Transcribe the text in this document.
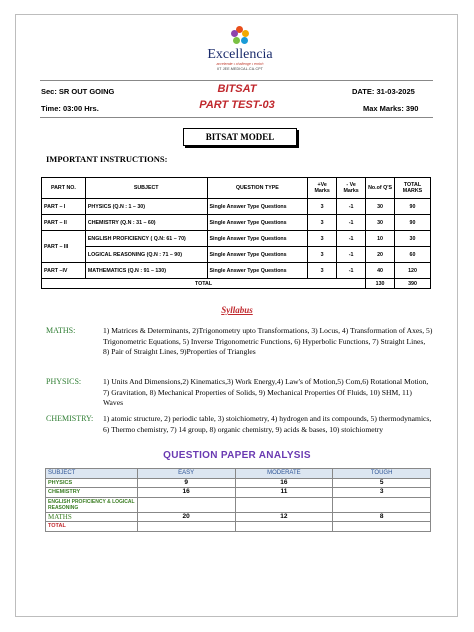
Excellencia
accelerate • challenge • enrich
IIT JEE.MEDICAL.CA.CPT
Sec: SR OUT GOING	BITSAT	DATE: 31-03-2025
Time: 03:00 Hrs.	PART TEST-03	Max Marks: 390
BITSAT MODEL
IMPORTANT INSTRUCTIONS:
PART NO.	SUBJECT	QUESTION TYPE	+Ve Marks	- Ve Marks	No.of Q'S	TOTAL MARKS
PART – I	PHYSICS (Q.N : 1 – 30)	Single Answer Type Questions	3	-1	30	90
PART – II	CHEMISTRY (Q.N : 31 – 60)	Single Answer Type Questions	3	-1	30	90
PART – III	ENGLISH PROFICIENCY ( Q.N: 61 – 70)	Single Answer Type Questions	3	-1	10	30
	LOGICAL REASONING (Q.N : 71 – 90)	Single Answer Type Questions	3	-1	20	60
PART –IV	MATHEMATICS (Q.N : 91 – 130)	Single Answer Type Questions	3	-1	40	120
TOTAL					130	390
Syllabus
MATHS:	1) Matrices & Determinants, 2)Trigonometry upto Transformations, 3) Locus, 4) Transformation of Axes, 5) Trigonometric Equations, 5) Inverse Trigonometric Functions, 6) Hyperbolic Functions, 7) Straight Lines, 8) Pair of Straight Lines, 9)Properties of Triangles
PHYSICS:	1) Units And Dimensions,2) Kinematics,3) Work Energy,4) Law's of Motion,5) Com,6) Rotational Motion, 7) Gravitation, 8) Mechanical Properties of Solids, 9) Mechanical Properties Of Fluids, 10) SHM, 11) Waves
CHEMISTRY: 1) atomic structure, 2) periodic table, 3) stoichiometry, 4) hydrogen and its compounds, 5) thermodynamics, 6) Thermo chemistry, 7) 14 group, 8) organic chemistry, 9) acids & bases, 10) stoichiometry
QUESTION PAPER ANALYSIS
SUBJECT	EASY	MODERATE	TOUGH
PHYSICS	9	16	5
CHEMISTRY	16	11	3
ENGLISH PROFICIENCY & LOGICAL REASONING			
MATHS	20	12	8
TOTAL			
